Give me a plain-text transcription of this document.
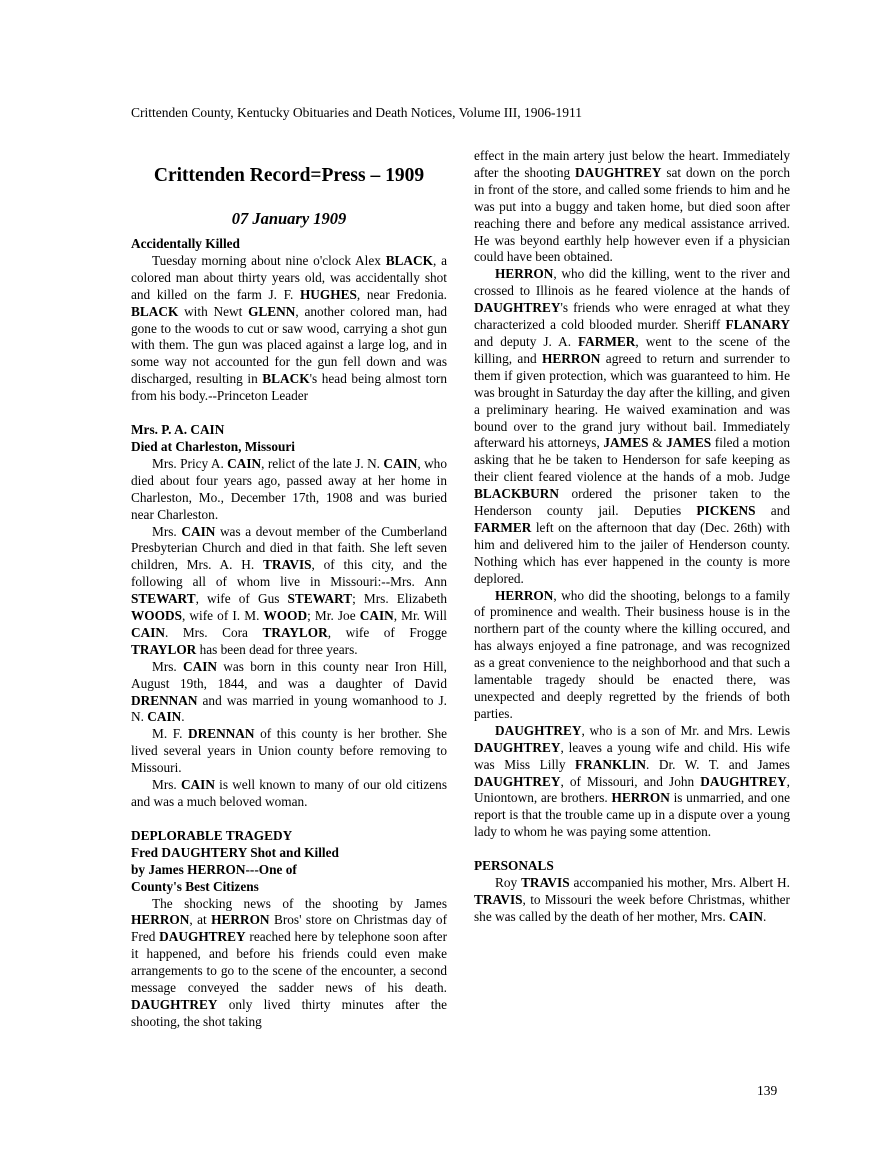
Crittenden County, Kentucky Obituaries and Death Notices, Volume III, 1906-1911
Crittenden Record=Press – 1909
07 January 1909

Accidentally Killed

Tuesday morning about nine o'clock Alex BLACK, a colored man about thirty years old, was accidentally shot and killed on the farm J. F. HUGHES, near Fredonia. BLACK with Newt GLENN, another colored man, had gone to the woods to cut or saw wood, carrying a shot gun with them. The gun was placed against a large log, and in some way not accounted for the gun fell down and was discharged, resulting in BLACK's head being almost torn from his body.--Princeton Leader

Mrs. P. A. CAIN

Died at Charleston, Missouri

Mrs. Pricy A. CAIN, relict of the late J. N. CAIN, who died about four years ago, passed away at her home in Charleston, Mo., December 17th, 1908 and was buried near Charleston.

Mrs. CAIN was a devout member of the Cumberland Presbyterian Church and died in that faith. She left seven children, Mrs. A. H. TRAVIS, of this city, and the following all of whom live in Missouri:--Mrs. Ann STEWART, wife of Gus STEWART; Mrs. Elizabeth WOODS, wife of I. M. WOOD; Mr. Joe CAIN, Mr. Will CAIN. Mrs. Cora TRAYLOR, wife of Frogge TRAYLOR has been dead for three years.

Mrs. CAIN was born in this county near Iron Hill, August 19th, 1844, and was a daughter of David DRENNAN and was married in young womanhood to J. N. CAIN.

M. F. DRENNAN of this county is her brother. She lived several years in Union county before removing to Missouri.

Mrs. CAIN is well known to many of our old citizens and was a much beloved woman.

DEPLORABLE TRAGEDY

Fred DAUGHTERY Shot and Killed

by James HERRON---One of

County's Best Citizens

The shocking news of the shooting by James HERRON, at HERRON Bros' store on Christmas day of Fred DAUGHTREY reached here by telephone soon after it happened, and before his friends could even make arrangements to go to the scene of the encounter, a second message conveyed the sadder news of his death. DAUGHTREY only lived thirty minutes after the shooting, the shot taking

effect in the main artery just below the heart. Immediately after the shooting DAUGHTREY sat down on the porch in front of the store, and called some friends to him and he was put into a buggy and taken home, but died soon after reaching there and before any medical assistance arrived. He was beyond earthly help however even if a physician could have been obtained.

HERRON, who did the killing, went to the river and crossed to Illinois as he feared violence at the hands of DAUGHTREY's friends who were enraged at what they characterized a cold blooded murder. Sheriff FLANARY and deputy J. A. FARMER, went to the scene of the killing, and HERRON agreed to return and surrender to them if given protection, which was guaranteed to him. He was brought in Saturday the day after the killing, and given a preliminary hearing. He waived examination and was bound over to the grand jury without bail. Immediately afterward his attorneys, JAMES & JAMES filed a motion asking that he be taken to Henderson for safe keeping as their client feared violence at the hands of a mob. Judge BLACKBURN ordered the prisoner taken to the Henderson county jail. Deputies PICKENS and FARMER left on the afternoon that day (Dec. 26th) with him and delivered him to the jailer of Henderson county. Nothing which has ever happened in the county is more deplored.

HERRON, who did the shooting, belongs to a family of prominence and wealth. Their business house is in the northern part of the county where the killing occured, and has always enjoyed a fine patronage, and was recognized as a great convenience to the neighborhood and that such a lamentable tragedy should be enacted there, was unexpected and deeply regretted by the friends of both parties.

DAUGHTREY, who is a son of Mr. and Mrs. Lewis DAUGHTREY, leaves a young wife and child. His wife was Miss Lilly FRANKLIN. Dr. W. T. and James DAUGHTREY, of Missouri, and John DAUGHTREY, Uniontown, are brothers. HERRON is unmarried, and one report is that the trouble came up in a dispute over a young lady to whom he was paying some attention.

PERSONALS

Roy TRAVIS accompanied his mother, Mrs. Albert H. TRAVIS, to Missouri the week before Christmas, whither she was called by the death of her mother, Mrs. CAIN.

139
